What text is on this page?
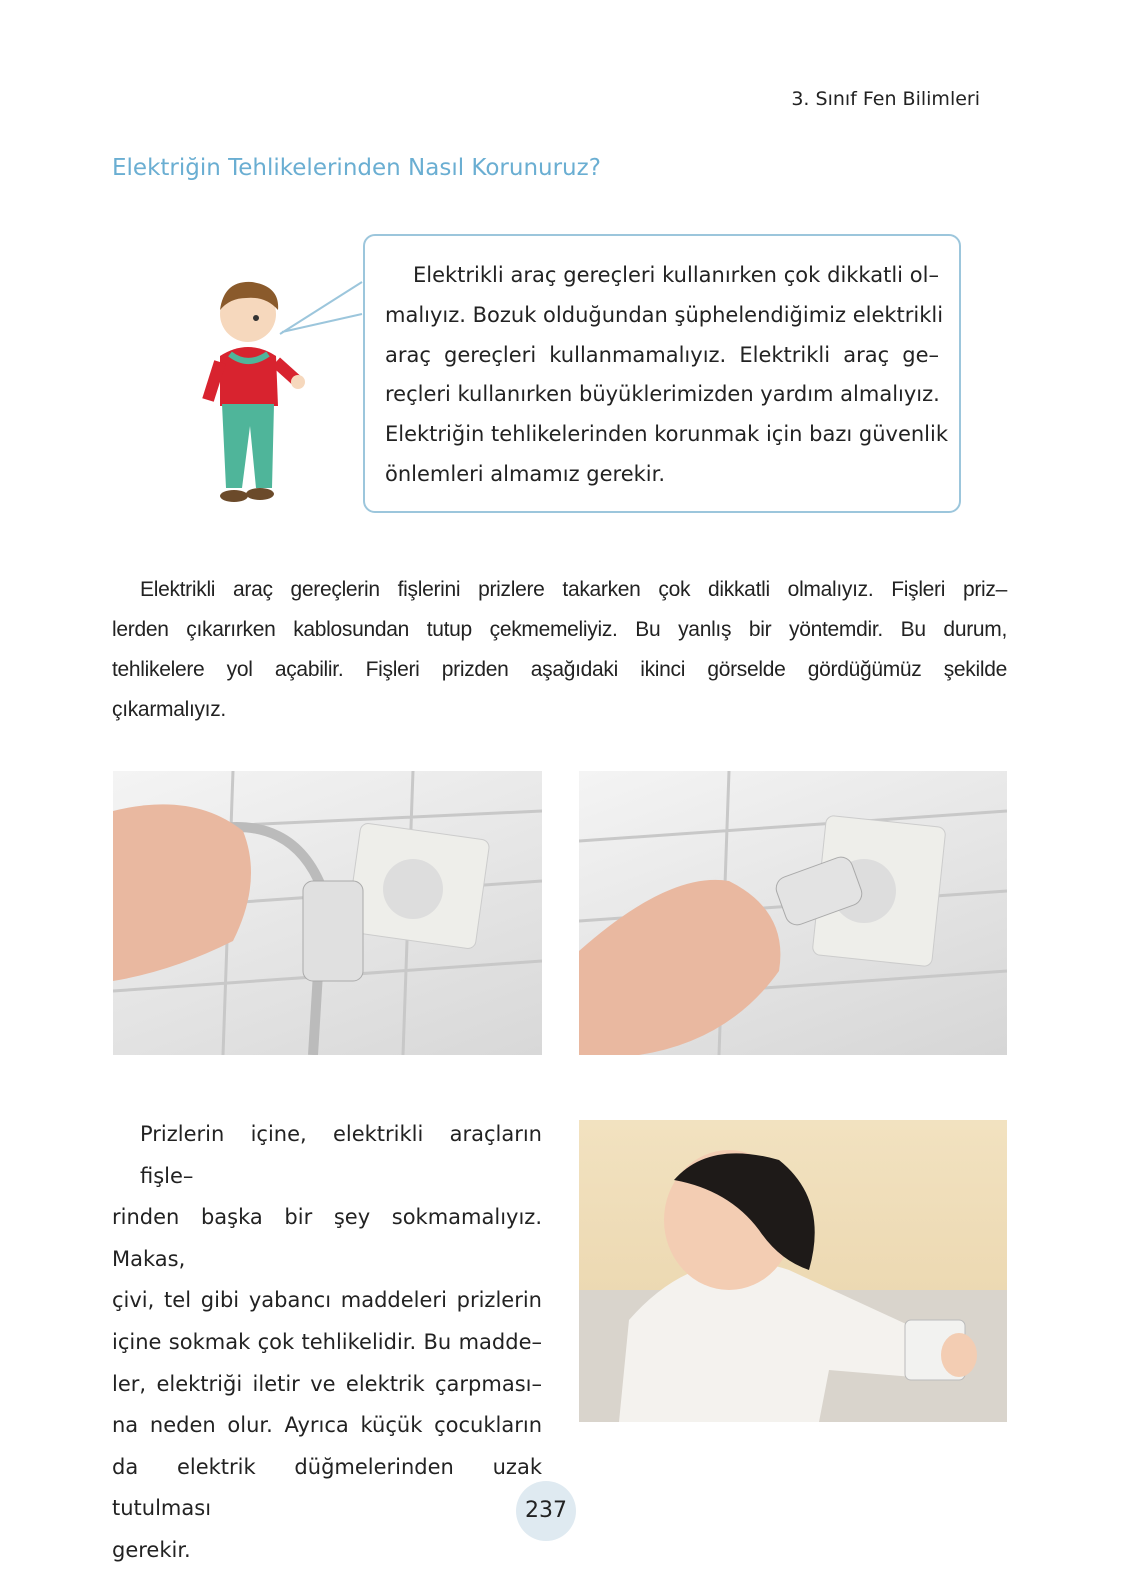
3. Sınıf Fen Bilimleri
Elektriğin Tehlikelerinden Nasıl Korunuruz?
Elektrikli araç gereçleri kullanırken çok dikkatli ol–
malıyız. Bozuk olduğundan şüphelendiğimiz elektrikli
araç gereçleri kullanmamalıyız. Elektrikli araç ge–
reçleri kullanırken büyüklerimizden yardım almalıyız.
Elektriğin tehlikelerinden korunmak için bazı güvenlik
önlemleri almamız gerekir.
Elektrikli araç gereçlerin fişlerini prizlere takarken çok dikkatli olmalıyız. Fişleri priz–
lerden çıkarırken kablosundan tutup çekmemeliyiz. Bu yanlış bir yöntemdir. Bu durum,
tehlikelere yol açabilir. Fişleri prizden aşağıdaki ikinci görselde gördüğümüz şekilde
çıkarmalıyız.
Prizlerin içine, elektrikli araçların fişle–
rinden başka bir şey sokmamalıyız. Makas,
çivi, tel gibi yabancı maddeleri prizlerin
içine sokmak çok tehlikelidir. Bu madde–
ler, elektriği iletir ve elektrik çarpması–
na neden olur. Ayrıca küçük çocukların
da elektrik düğmelerinden uzak tutulması
gerekir.
237
